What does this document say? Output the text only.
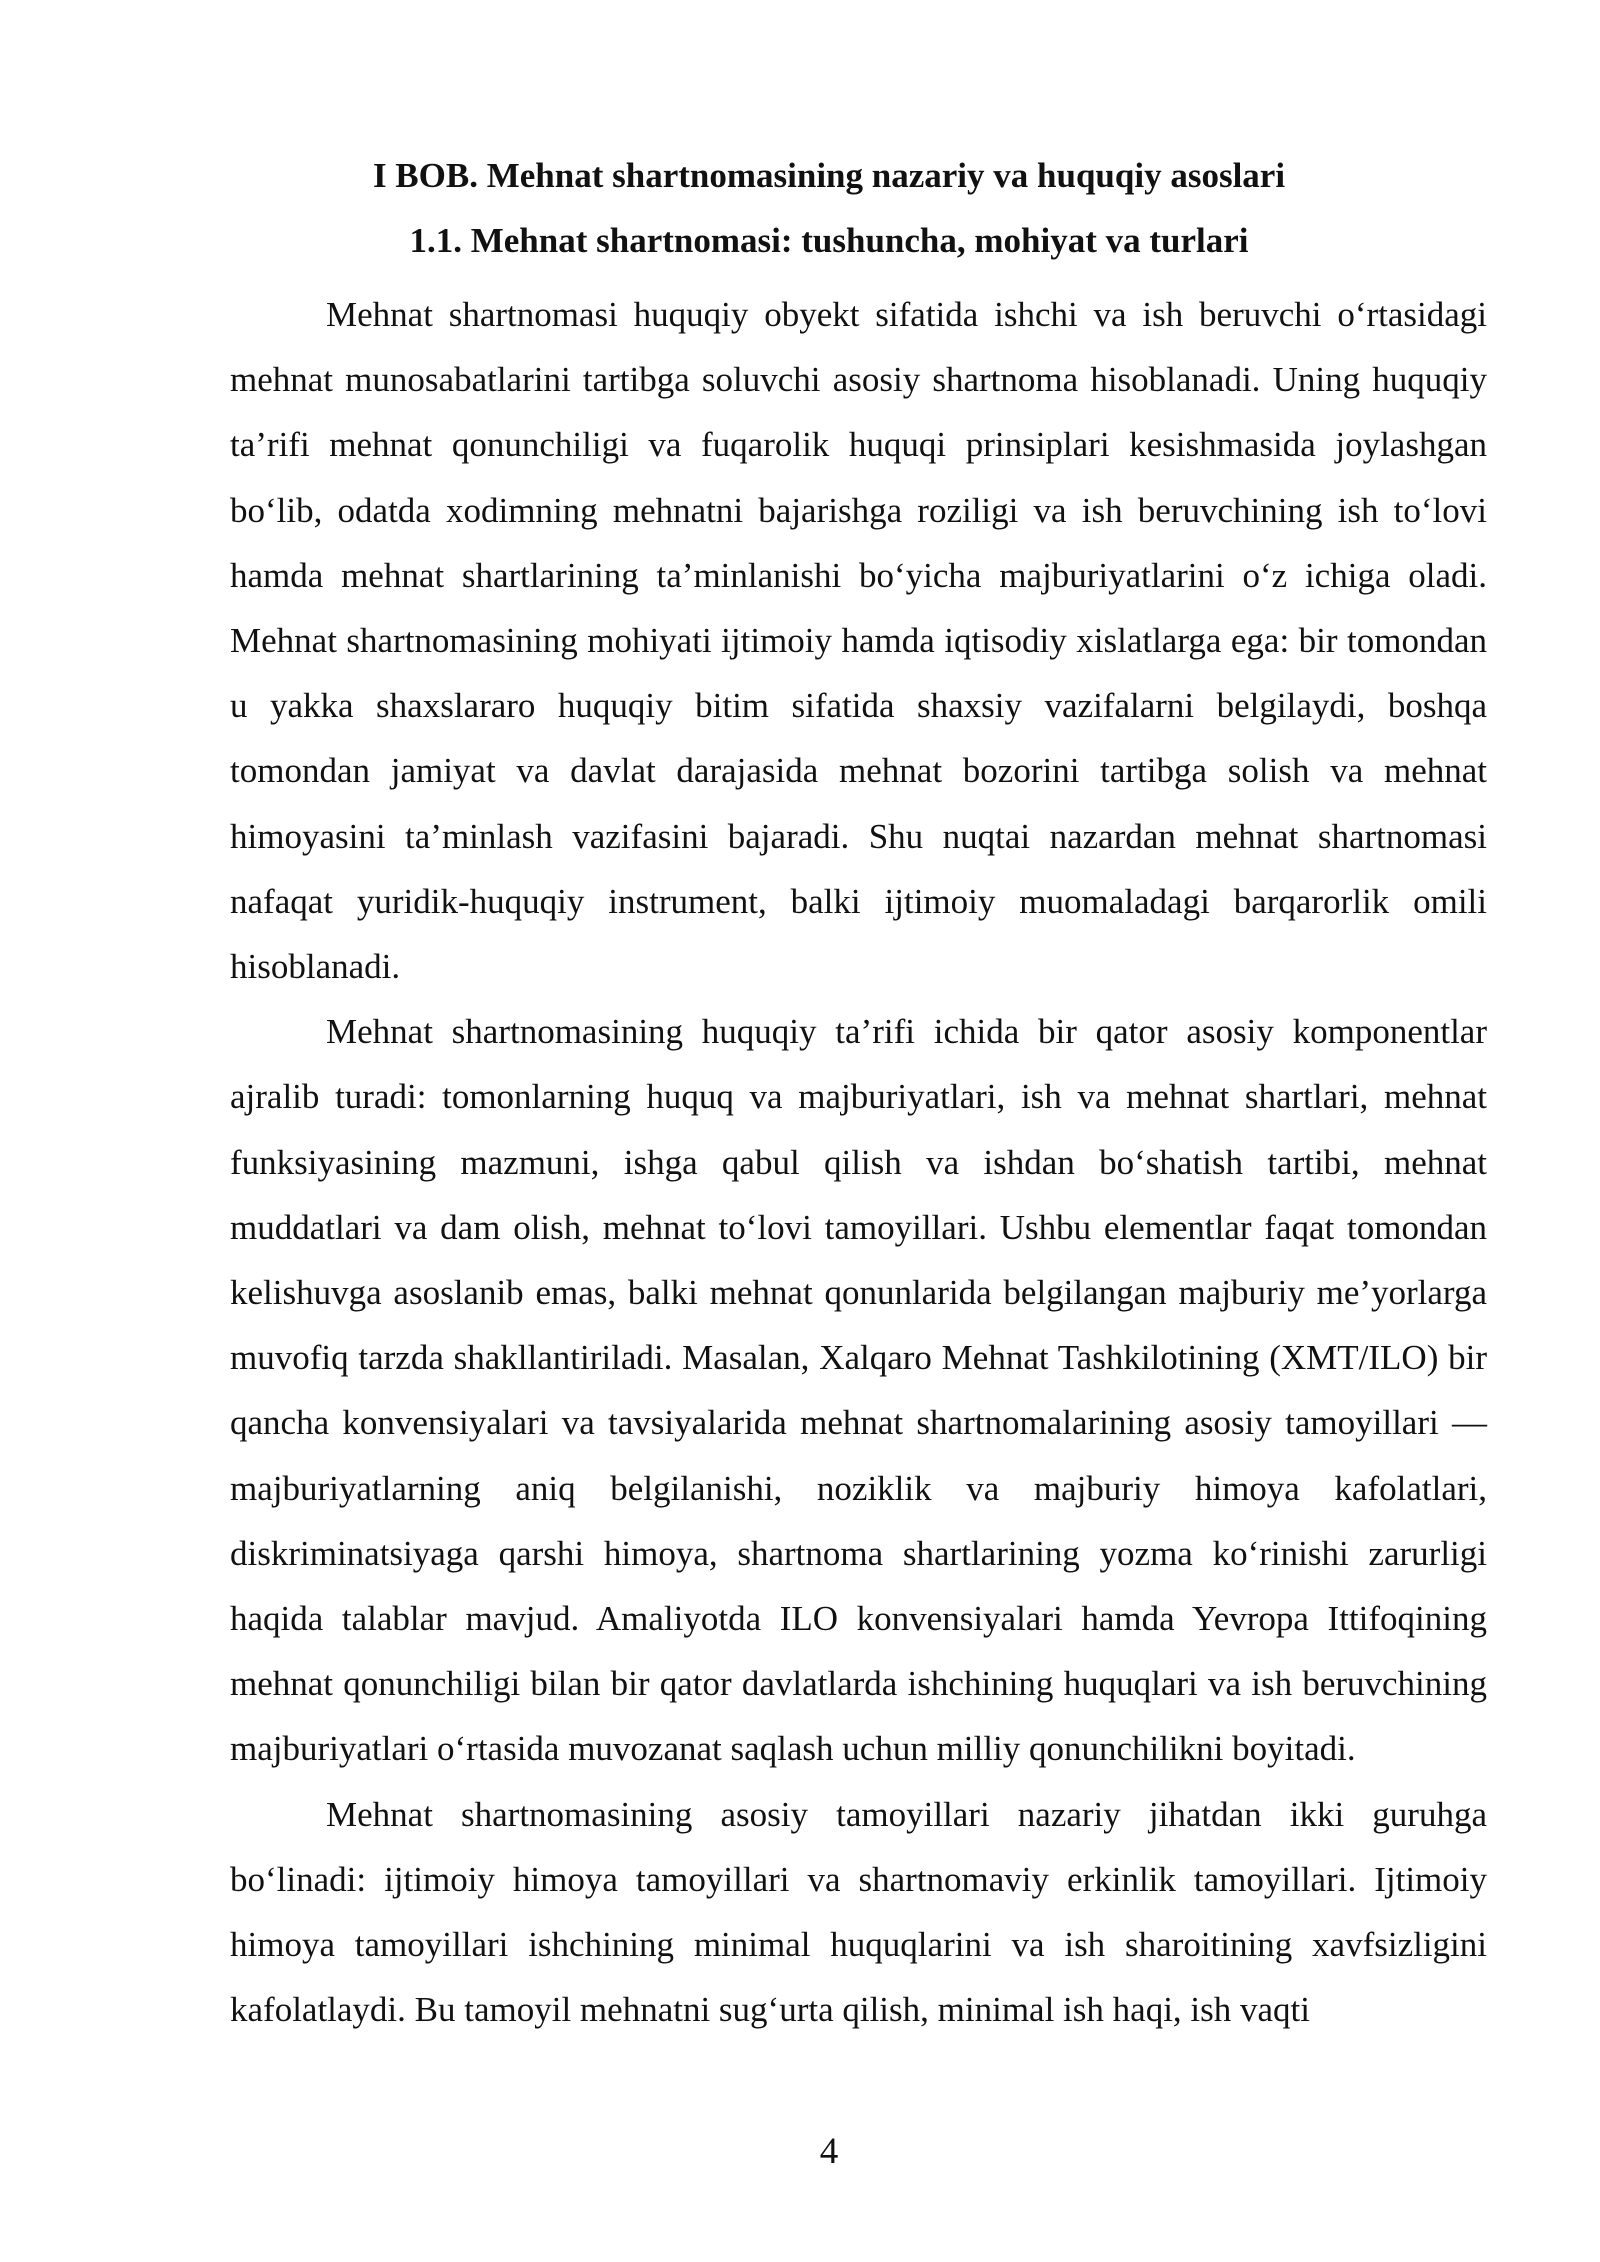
I BOB. Mehnat shartnomasining nazariy va huquqiy asoslari
1.1. Mehnat shartnomasi: tushuncha, mohiyat va turlari

Mehnat shartnomasi huquqiy obyekt sifatida ishchi va ish beruvchi o‘rtasidagi mehnat munosabatlarini tartibga soluvchi asosiy shartnoma hisoblanadi. Uning huquqiy ta’rifi mehnat qonunchiligi va fuqarolik huquqi prinsiplari kesishmasida joylashgan bo‘lib, odatda xodimning mehnatni bajarishga roziligi va ish beruvchining ish to‘lovi hamda mehnat shartlarining ta’minlanishi bo‘yicha majburiyatlarini o‘z ichiga oladi. Mehnat shartnomasining mohiyati ijtimoiy hamda iqtisodiy xislatlarga ega: bir tomondan u yakka shaxslararo huquqiy bitim sifatida shaxsiy vazifalarni belgilaydi, boshqa tomondan jamiyat va davlat darajasida mehnat bozorini tartibga solish va mehnat himoyasini ta’minlash vazifasini bajaradi. Shu nuqtai nazardan mehnat shartnomasi nafaqat yuridik-huquqiy instrument, balki ijtimoiy muomaladagi barqarorlik omili hisoblanadi.

Mehnat shartnomasining huquqiy ta’rifi ichida bir qator asosiy komponentlar ajralib turadi: tomonlarning huquq va majburiyatlari, ish va mehnat shartlari, mehnat funksiyasining mazmuni, ishga qabul qilish va ishdan bo‘shatish tartibi, mehnat muddatlari va dam olish, mehnat to‘lovi tamoyillari. Ushbu elementlar faqat tomondan kelishuvga asoslanib emas, balki mehnat qonunlarida belgilangan majburiy me’yorlarga muvofiq tarzda shakllantiriladi. Masalan, Xalqaro Mehnat Tashkilotining (XMT/ILO) bir qancha konvensiyalari va tavsiyalarida mehnat shartnomalarining asosiy tamoyillari — majburiyatlarning aniq belgilanishi, noziklik va majburiy himoya kafolatlari, diskriminatsiyaga qarshi himoya, shartnoma shartlarining yozma ko‘rinishi zarurligi haqida talablar mavjud. Amaliyotda ILO konvensiyalari hamda Yevropa Ittifoqining mehnat qonunchiligi bilan bir qator davlatlarda ishchining huquqlari va ish beruvchining majburiyatlari o‘rtasida muvozanat saqlash uchun milliy qonunchilikni boyitadi.

Mehnat shartnomasining asosiy tamoyillari nazariy jihatdan ikki guruhga bo‘linadi: ijtimoiy himoya tamoyillari va shartnomaviy erkinlik tamoyillari. Ijtimoiy himoya tamoyillari ishchining minimal huquqlarini va ish sharoitining xavfsizligini kafolatlaydi. Bu tamoyil mehnatni sug‘urta qilish, minimal ish haqi, ish vaqti

4
